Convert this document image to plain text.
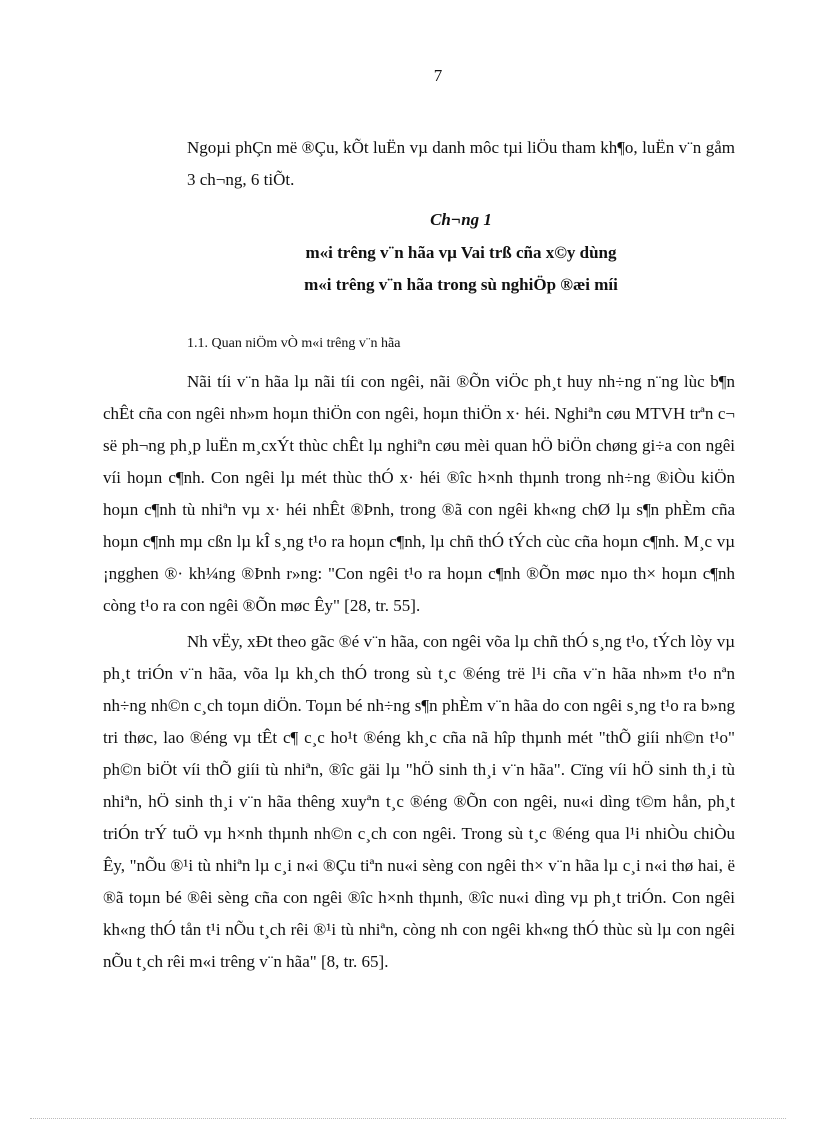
7

Ngoµi phÇn më ®Çu, kÕt luËn vµ danh môc tµi liÖu tham kh¶o, luËn v¨n gåm 3 ch¬ng, 6 tiÕt.

Ch¬ng 1
m«i trêng v¨n hãa vµ Vai trß cña x©y dùng
m«i trêng v¨n hãa trong sù nghiÖp ®æi míi
1.1. Quan niÖm vÒ m«i trêng v¨n hãa

Nãi tíi v¨n hãa lµ nãi tíi con ngêi, nãi ®Õn viÖc ph¸t huy nh÷ng n¨ng lùc b¶n chÊt cña con ngêi nh»m hoµn thiÖn con ngêi, hoµn thiÖn x· héi. Nghiªn cøu MTVH trªn c¬ së ph¬ng ph¸p luËn m¸cxÝt thùc chÊt lµ nghiªn cøu mèi quan hÖ biÖn chøng gi÷a con ngêi víi hoµn c¶nh. Con ngêi lµ mét thùc thÓ x· héi ®îc h×nh thµnh trong nh÷ng ®iÒu kiÖn hoµn c¶nh tù nhiªn vµ x· héi nhÊt ®Þnh, trong ®ã con ngêi kh«ng chØ lµ s¶n phÈm cña hoµn c¶nh mµ cßn lµ kÎ s¸ng t¹o ra hoµn c¶nh, lµ chñ thÓ tÝch cùc cña hoµn c¶nh. M¸c vµ ¡ngghen ®· kh¼ng ®Þnh r»ng: "Con ngêi t¹o ra hoµn c¶nh ®Õn møc nµo th× hoµn c¶nh còng t¹o ra con ngêi ®Õn møc Êy" [28, tr. 55].

Nh vËy, xÐt theo gãc ®é v¨n hãa, con ngêi võa lµ chñ thÓ s¸ng t¹o, tÝch lòy vµ ph¸t triÓn v¨n hãa, võa lµ kh¸ch thÓ trong sù t¸c ®éng trë l¹i cña v¨n hãa nh»m t¹o nªn nh÷ng nh©n c¸ch toµn diÖn. Toµn bé nh÷ng s¶n phÈm v¨n hãa do con ngêi s¸ng t¹o ra b»ng tri thøc, lao ®éng vµ tÊt c¶ c¸c ho¹t ®éng kh¸c cña nã hîp thµnh mét "thÕ giíi nh©n t¹o" ph©n biÖt víi thÕ giíi tù nhiªn, ®îc gäi lµ "hÖ sinh th¸i v¨n hãa". Cïng víi hÖ sinh th¸i tù nhiªn, hÖ sinh th¸i v¨n hãa thêng xuyªn t¸c ®éng ®Õn con ngêi, nu«i dìng t©m hån, ph¸t triÓn trÝ tuÖ vµ h×nh thµnh nh©n c¸ch con ngêi. Trong sù t¸c ®éng qua l¹i nhiÒu chiÒu Êy, "nÕu ®¹i tù nhiªn lµ c¸i n«i ®Çu tiªn nu«i sèng con ngêi th× v¨n hãa lµ c¸i n«i thø hai, ë ®ã toµn bé ®êi sèng cña con ngêi ®îc h×nh thµnh, ®îc nu«i dìng vµ ph¸t triÓn. Con ngêi kh«ng thÓ tån t¹i nÕu t¸ch rêi ®¹i tù nhiªn, còng nh con ngêi kh«ng thÓ thùc sù lµ con ngêi nÕu t¸ch rêi m«i trêng v¨n hãa" [8, tr. 65].
